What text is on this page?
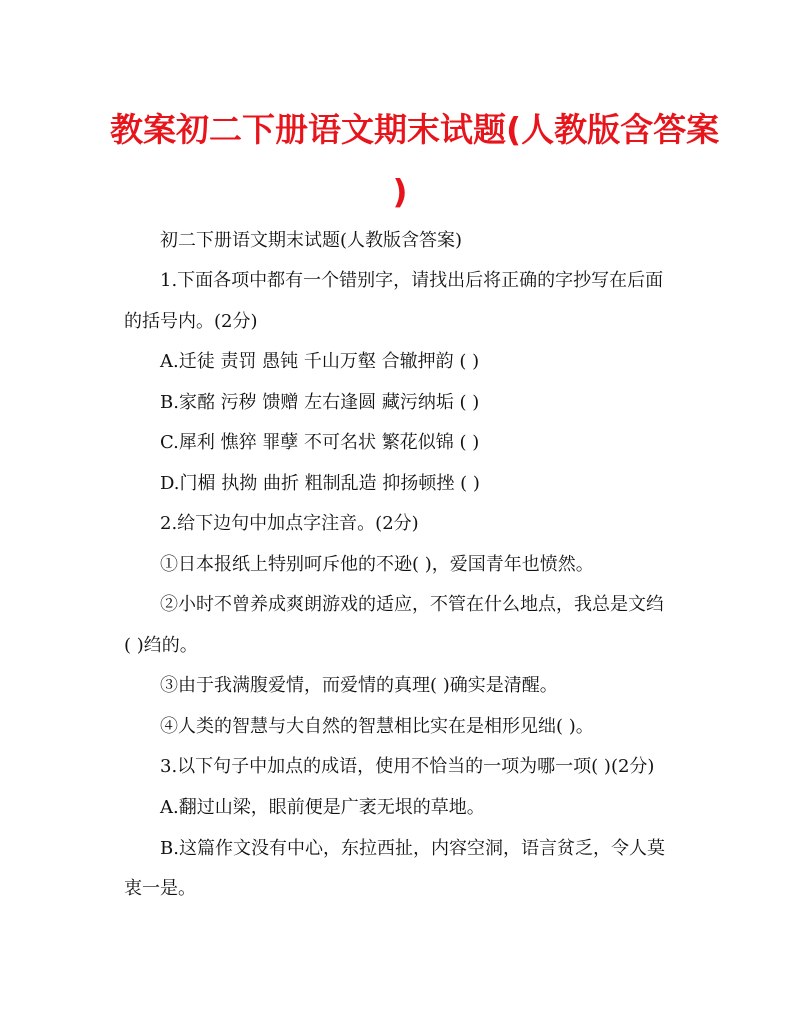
教案初二下册语文期末试题(人教版含答案
)
初二下册语文期末试题(人教版含答案)
1.下面各项中都有一个错别字，请找出后将正确的字抄写在后面
的括号内。(2分)
A.迁徒 责罚 愚钝 千山万壑 合辙押韵 ( )
B.家酩 污秽 馈赠 左右逢圆 藏污纳垢 ( )
C.犀利 憔猝 罪孽 不可名状 繁花似锦 ( )
D.门楣 执拗 曲折 粗制乱造 抑扬顿挫 ( )
2.给下边句中加点字注音。(2分)
①日本报纸上特别呵斥他的不逊( )，爱国青年也愤然。
②小时不曾养成爽朗游戏的适应，不管在什么地点，我总是文绉
( )绉的。
③由于我满腹爱情，而爱情的真理( )确实是清醒。
④人类的智慧与大自然的智慧相比实在是相形见绌( )。
3.以下句子中加点的成语，使用不恰当的一项为哪一项( )(2分)
A.翻过山梁，眼前便是广袤无垠的草地。
B.这篇作文没有中心，东拉西扯，内容空洞，语言贫乏，令人莫
衷一是。
